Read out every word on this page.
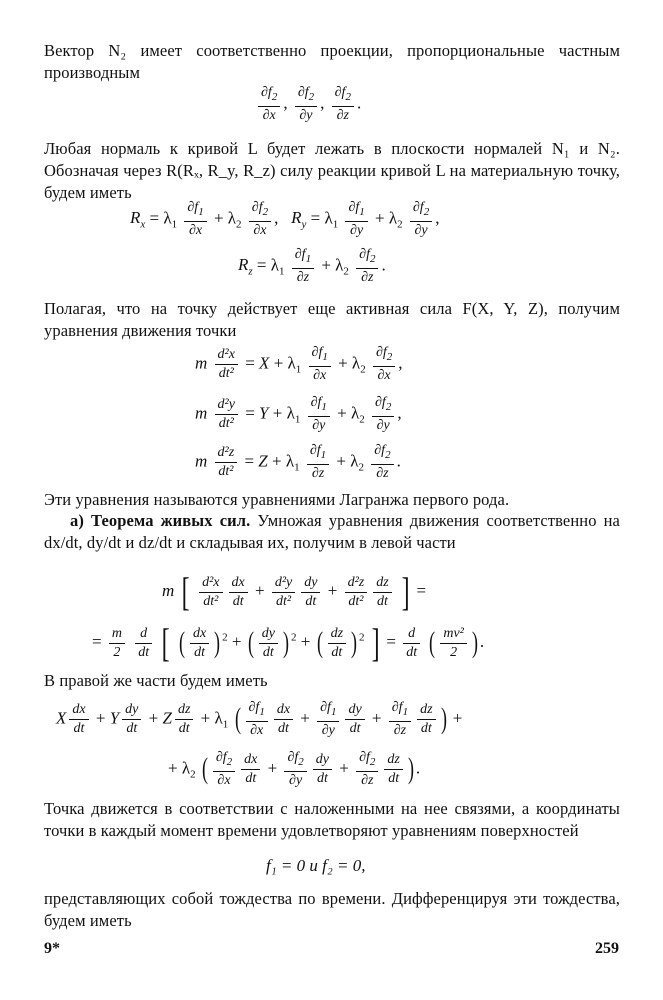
Вектор N₂ имеет соответственно проекции, пропорциональные частным производным
$\frac{\partial f_2}{\partial x}$ , $\frac{\partial f_2}{\partial y}$ , $\frac{\partial f_2}{\partial z}$ .
Любая нормаль к кривой L будет лежать в плоскости нормалей N₁ и N₂. Обозначая через R(Rₓ, R_y, R_z) силу реакции кривой L на материальную точку, будем иметь
$R_x = \lambda_1 \frac{\partial f_1}{\partial x} + \lambda_2 \frac{\partial f_2}{\partial x}$ ,   $R_y = \lambda_1 \frac{\partial f_1}{\partial y} + \lambda_2 \frac{\partial f_2}{\partial y}$ ,
$R_z = \lambda_1 \frac{\partial f_1}{\partial z} + \lambda_2 \frac{\partial f_2}{\partial z}$ .
Полагая, что на точку действует еще активная сила F(X, Y, Z), получим уравнения движения точки
m $\frac{\text{d²x}}{\text{dt²}} = X + \lambda_1 \frac{\partial f_1}{\partial x} + \lambda_2 \frac{\partial f_2}{\partial x}$ ,
m $\frac{\text{d²y}}{\text{dt²}} = Y + \lambda_1 \frac{\partial f_1}{\partial y} + \lambda_2 \frac{\partial f_2}{\partial y}$ ,
m $\frac{\text{d²z}}{\text{dt²}} = Z + \lambda_1 \frac{\partial f_1}{\partial z} + \lambda_2 \frac{\partial f_2}{\partial z}$ .
Эти уравнения называются уравнениями Лагранжа первого рода.
а) Теорема живых сил. Умножая уравнения движения соответственно на dx/dt, dy/dt и dz/dt и складывая их, получим в левой части
m [ $\frac{\text{d²x}}{\text{dt²}} \frac{dx}{dt} + \frac{\text{d²y}}{\text{dt²}} \frac{dy}{dt} + \frac{\text{d²z}}{\text{dt²}} \frac{dz}{dt}$ ] =
= $\frac{m}{2}$
$\frac{d}{dt}$ [ ( $\frac{dx}{dt}$ ) $^2$ + ( $\frac{dy}{dt}$ ) $^2$ + ( $\frac{dz}{dt}$ ) $^2$ ] = $\frac{d}{dt}$ ( $\frac{\text{mv²}}{2}$ ) .
В правой же части будем иметь
X $\frac{dx}{dt} + Y \frac{dy}{dt} + Z \frac{dz}{dt} + \lambda_1$ ( $\frac{\partial f_1}{\partial x} \frac{dx}{dt} + \frac{\partial f_1}{\partial y} \frac{dy}{dt} + \frac{\partial f_1}{\partial z} \frac{dz}{dt}$ ) +
+ $\lambda_2$ ( $\frac{\partial f_2}{\partial x} \frac{dx}{dt} + \frac{\partial f_2}{\partial y} \frac{dy}{dt} + \frac{\partial f_2}{\partial z} \frac{dz}{dt}$ ) .
Точка движется в соответствии с наложенными на нее связями, а координаты точки в каждый момент времени удовлетворяют уравнениям поверхностей
f₁ = 0 и f₂ = 0,
представляющих собой тождества по времени. Дифференцируя эти тождества, будем иметь
9*	259
